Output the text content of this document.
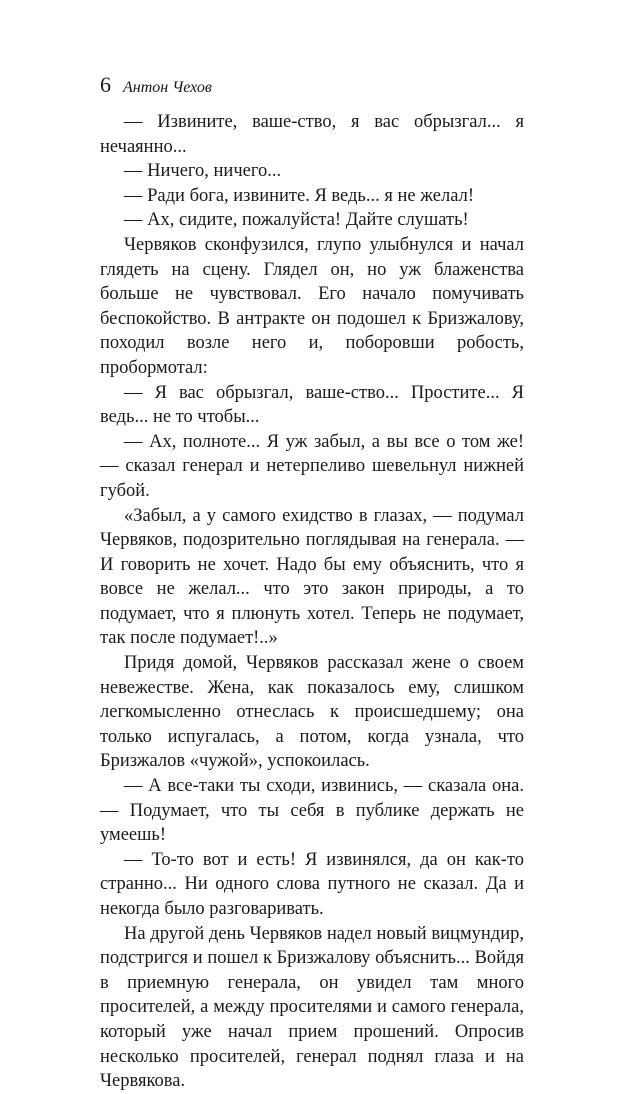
6 Антон Чехов

— Извините, ваше-ство, я вас обрызгал... я нечаянно...

— Ничего, ничего...

— Ради бога, извините. Я ведь... я не желал!

— Ах, сидите, пожалуйста! Дайте слушать!

Червяков сконфузился, глупо улыбнулся и начал глядеть на сцену. Глядел он, но уж блаженства больше не чувствовал. Его начало помучивать беспокойство. В антракте он подошел к Бризжалову, походил возле него и, поборовши робость, пробормотал:

— Я вас обрызгал, ваше-ство... Простите... Я ведь... не то чтобы...

— Ах, полноте... Я уж забыл, а вы все о том же! — сказал генерал и нетерпеливо шевельнул нижней губой.

«Забыл, а у самого ехидство в глазах, — подумал Червяков, подозрительно поглядывая на генерала. — И говорить не хочет. Надо бы ему объяснить, что я вовсе не желал... что это закон природы, а то подумает, что я плюнуть хотел. Теперь не подумает, так после подумает!..»

Придя домой, Червяков рассказал жене о своем невежестве. Жена, как показалось ему, слишком легкомысленно отнеслась к происшедшему; она только испугалась, а потом, когда узнала, что Бризжалов «чужой», успокоилась.

— А все-таки ты сходи, извинись, — сказала она. — Подумает, что ты себя в публике держать не умеешь!

— То-то вот и есть! Я извинялся, да он как-то странно... Ни одного слова путного не сказал. Да и некогда было разговаривать.

На другой день Червяков надел новый вицмундир, подстригся и пошел к Бризжалову объяснить... Войдя в приемную генерала, он увидел там много просителей, а между просителями и самого генерала, который уже начал прием прошений. Опросив несколько просителей, генерал поднял глаза и на Червякова.
